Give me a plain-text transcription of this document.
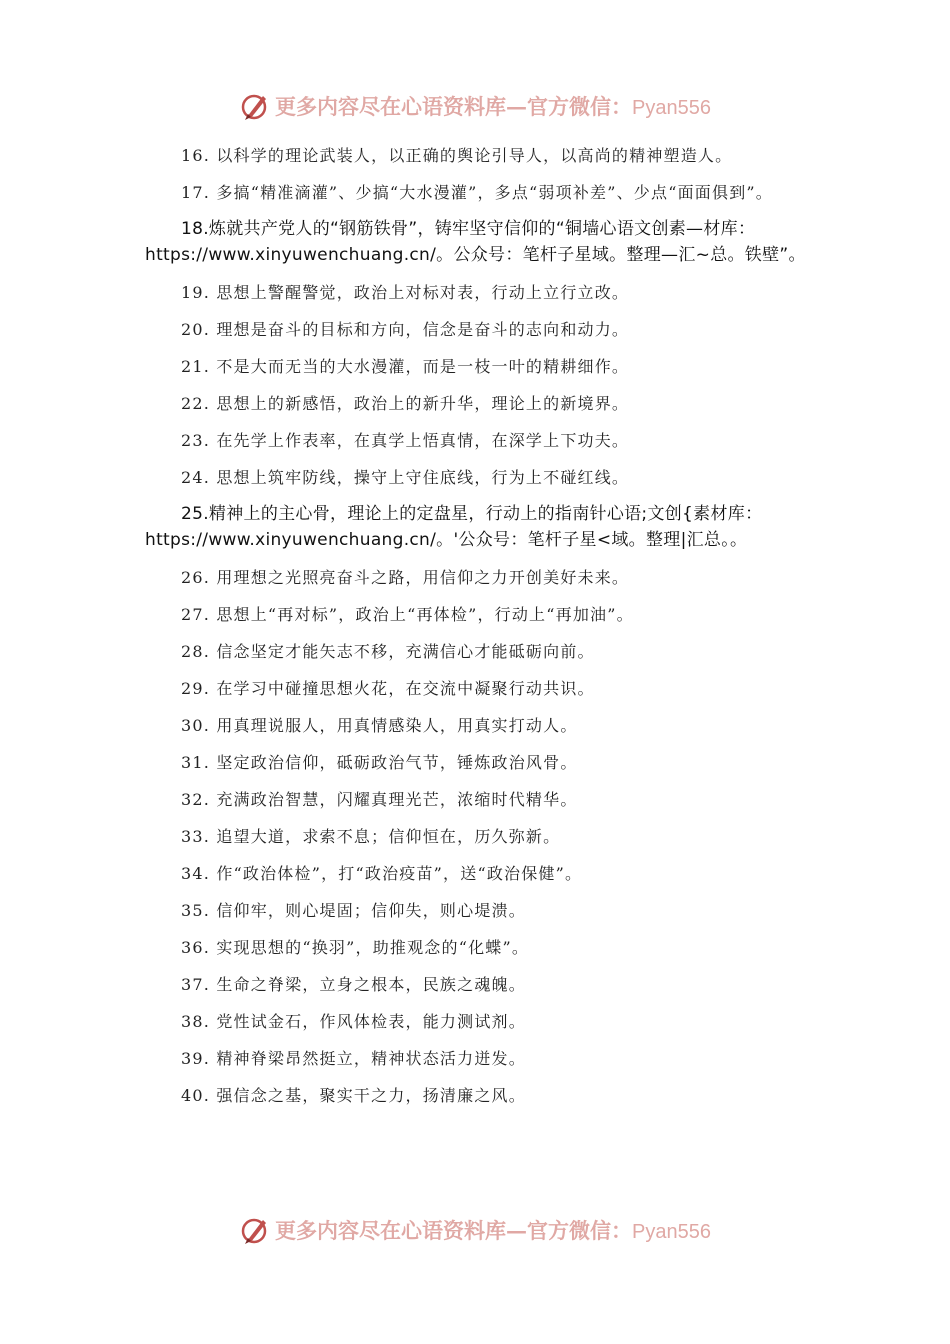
更多内容尽在心语资料库—官方微信：Pyan556

16. 以科学的理论武装人，以正确的舆论引导人，以高尚的精神塑造人。

17. 多搞“精准滴灌”、少搞“大水漫灌”，多点“弱项补差”、少点“面面俱到”。

18.炼就共产党人的“钢筋铁骨”，铸牢坚守信仰的“铜墙心语文创素—材库：https://www.xinyuwenchuang.cn/。公众号：笔杆子星域。整理—汇~总。铁壁”。

19. 思想上警醒警觉，政治上对标对表，行动上立行立改。

20. 理想是奋斗的目标和方向，信念是奋斗的志向和动力。

21. 不是大而无当的大水漫灌，而是一枝一叶的精耕细作。

22. 思想上的新感悟，政治上的新升华，理论上的新境界。

23. 在先学上作表率，在真学上悟真情，在深学上下功夫。

24. 思想上筑牢防线，操守上守住底线，行为上不碰红线。

25.精神上的主心骨，理论上的定盘星，行动上的指南针心语;文创{素材库：https://www.xinyuwenchuang.cn/。'公众号：笔杆子星<域。整理|汇总。。

26. 用理想之光照亮奋斗之路，用信仰之力开创美好未来。

27. 思想上“再对标”，政治上“再体检”，行动上“再加油”。

28. 信念坚定才能矢志不移，充满信心才能砥砺向前。

29. 在学习中碰撞思想火花，在交流中凝聚行动共识。

30. 用真理说服人，用真情感染人，用真实打动人。

31. 坚定政治信仰，砥砺政治气节，锤炼政治风骨。

32. 充满政治智慧，闪耀真理光芒，浓缩时代精华。

33. 追望大道，求索不息；信仰恒在，历久弥新。

34. 作“政治体检”，打“政治疫苗”，送“政治保健”。

35. 信仰牢，则心堤固；信仰失，则心堤溃。

36. 实现思想的“换羽”，助推观念的“化蝶”。

37. 生命之脊梁，立身之根本，民族之魂魄。

38. 党性试金石，作风体检表，能力测试剂。

39. 精神脊梁昂然挺立，精神状态活力迸发。

40. 强信念之基，聚实干之力，扬清廉之风。

更多内容尽在心语资料库—官方微信：Pyan556
